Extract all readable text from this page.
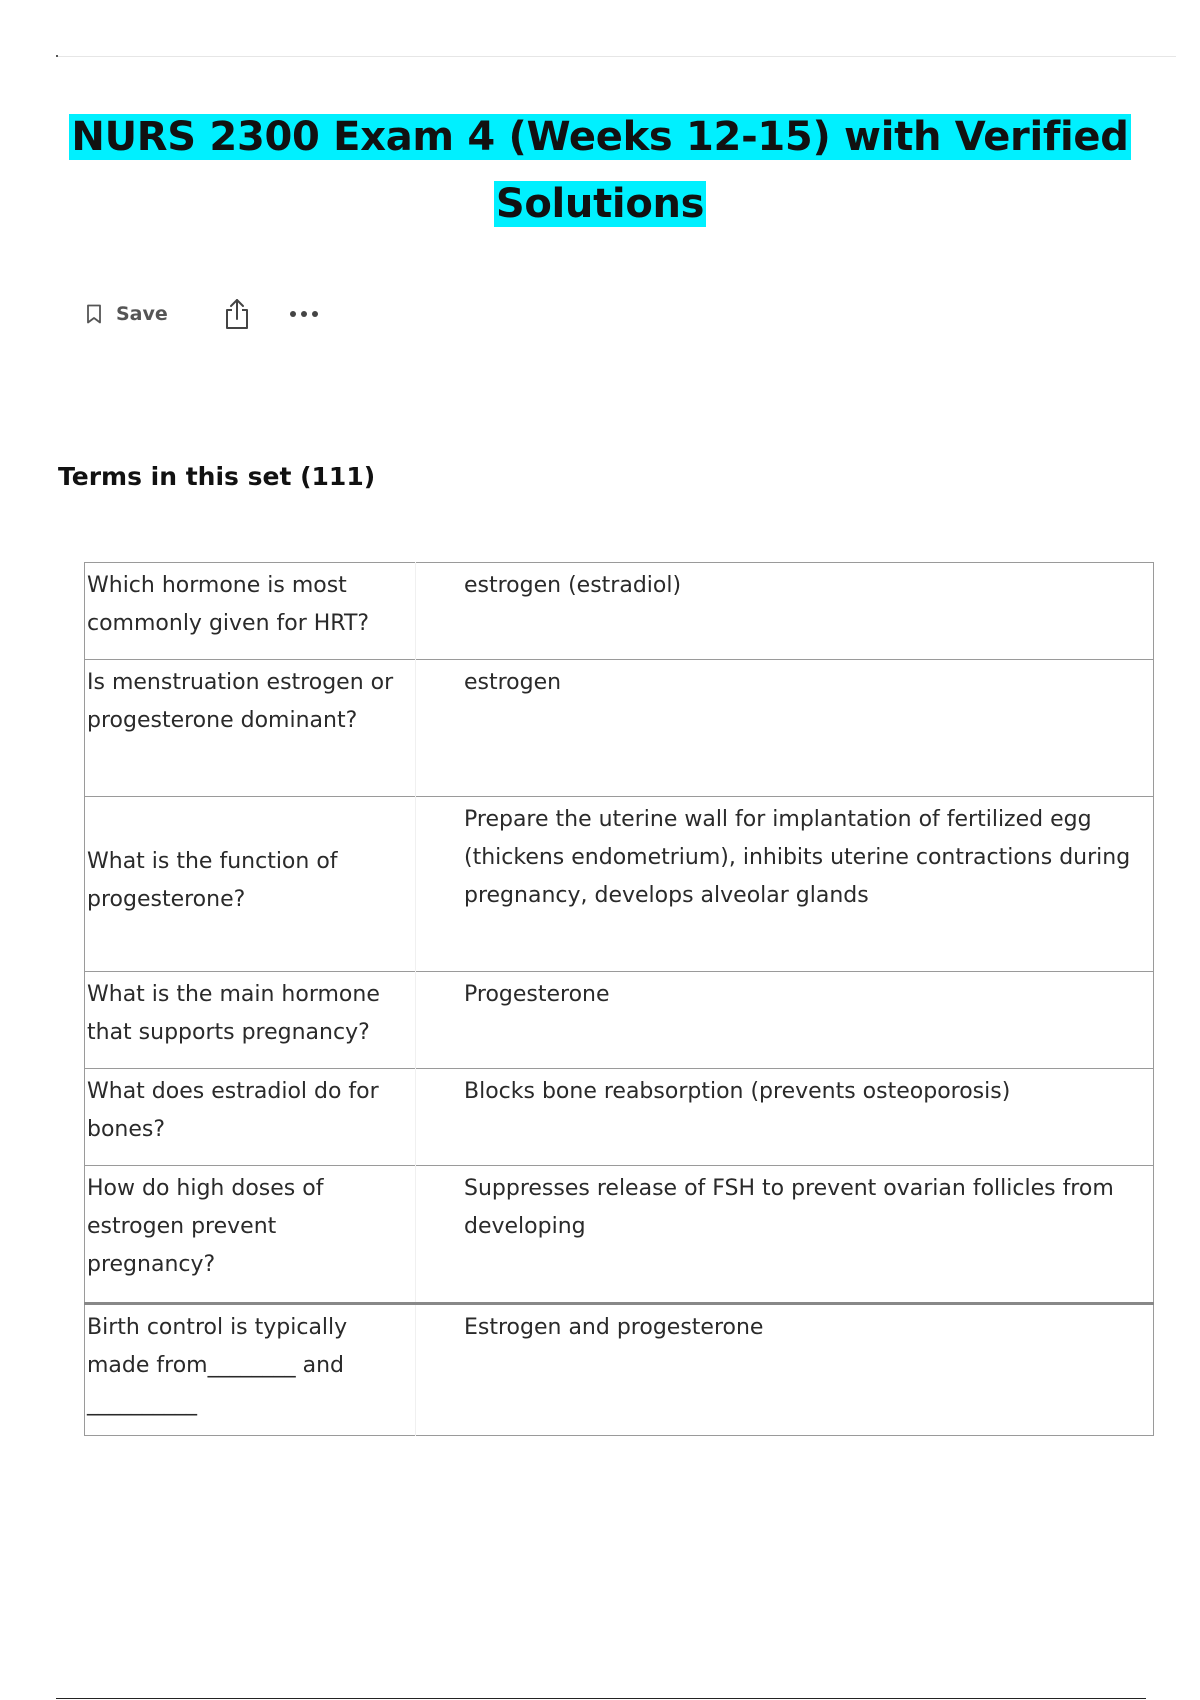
NURS 2300 Exam 4 (Weeks 12-15) with Verified Solutions
Save
Terms in this set (111)
Which hormone is most commonly given for HRT?	estrogen (estradiol)
Is menstruation estrogen or progesterone dominant?	estrogen
What is the function of progesterone?	Prepare the uterine wall for implantation of fertilized egg (thickens endometrium), inhibits uterine contractions during pregnancy, develops alveolar glands
What is the main hormone that supports pregnancy?	Progesterone
What does estradiol do for bones?	Blocks bone reabsorption (prevents osteoporosis)
How do high doses of estrogen prevent pregnancy?	Suppresses release of FSH to prevent ovarian follicles from developing
Birth control is typically made from________ and __________	Estrogen and progesterone
